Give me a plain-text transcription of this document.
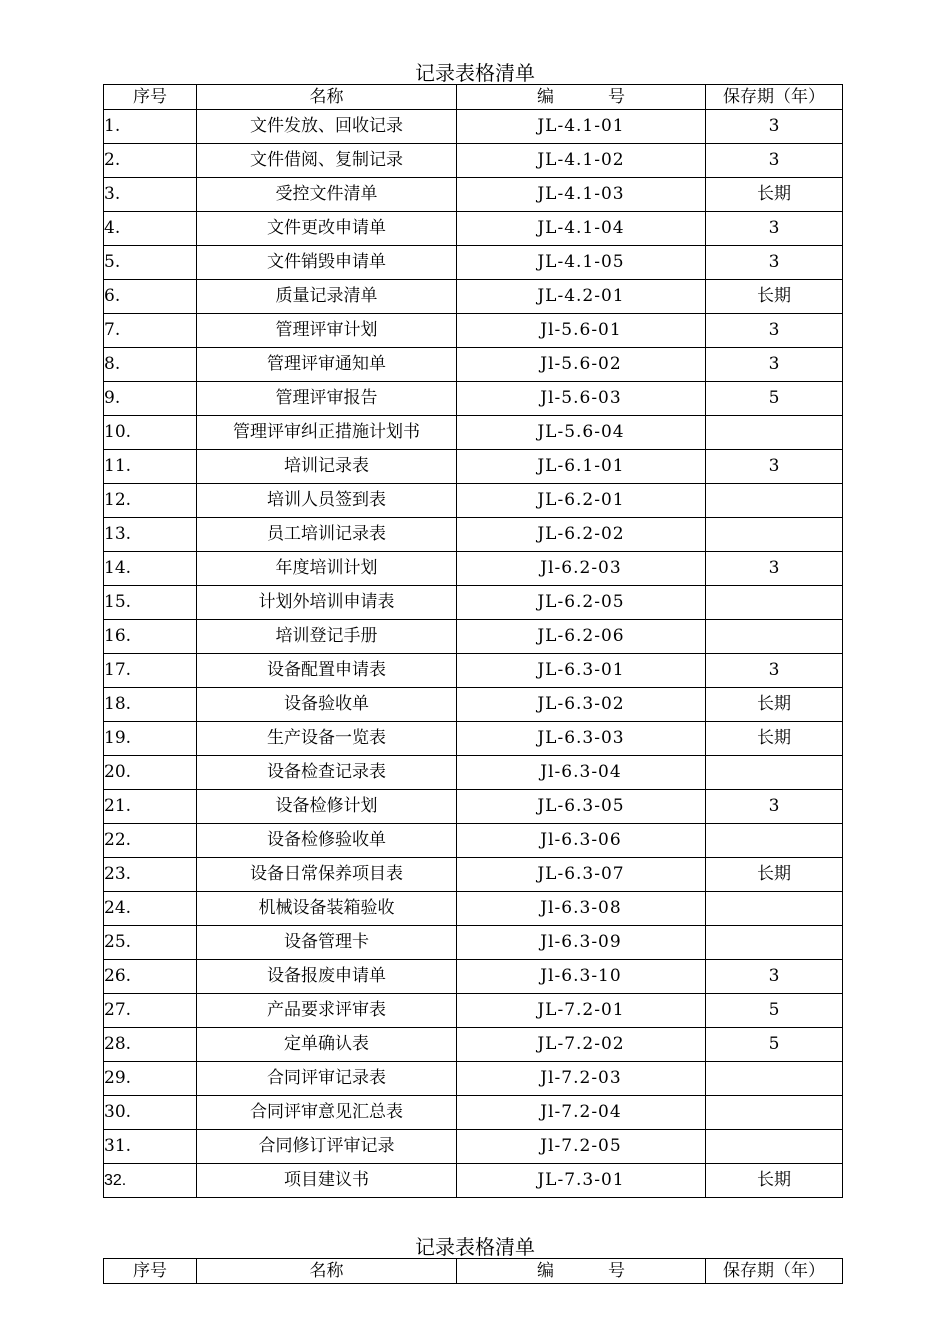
记录表格清单
序号	名称	编          号	保存期（年）
1.	文件发放、回收记录	JL-4.1-01	3
2.	文件借阅、复制记录	JL-4.1-02	3
3.	受控文件清单	JL-4.1-03	长期
4.	文件更改申请单	JL-4.1-04	3
5.	文件销毁申请单	JL-4.1-05	3
6.	质量记录清单	JL-4.2-01	长期
7.	管理评审计划	Jl-5.6-01	3
8.	管理评审通知单	Jl-5.6-02	3
9.	管理评审报告	Jl-5.6-03	5
10.	管理评审纠正措施计划书	JL-5.6-04	
11.	培训记录表	JL-6.1-01	3
12.	培训人员签到表	JL-6.2-01	
13.	员工培训记录表	JL-6.2-02	
14.	年度培训计划	Jl-6.2-03	3
15.	计划外培训申请表	JL-6.2-05	
16.	培训登记手册	JL-6.2-06	
17.	设备配置申请表	JL-6.3-01	3
18.	设备验收单	JL-6.3-02	长期
19.	生产设备一览表	JL-6.3-03	长期
20.	设备检查记录表	Jl-6.3-04	
21.	设备检修计划	JL-6.3-05	3
22.	设备检修验收单	Jl-6.3-06	
23.	设备日常保养项目表	JL-6.3-07	长期
24.	机械设备装箱验收	Jl-6.3-08	
25.	设备管理卡	Jl-6.3-09	
26.	设备报废申请单	Jl-6.3-10	3
27.	产品要求评审表	JL-7.2-01	5
28.	定单确认表	JL-7.2-02	5
29.	合同评审记录表	Jl-7.2-03	
30.	合同评审意见汇总表	Jl-7.2-04	
31.	合同修订评审记录	Jl-7.2-05	
32.	项目建议书	JL-7.3-01	长期
记录表格清单
序号	名称	编          号	保存期（年）
